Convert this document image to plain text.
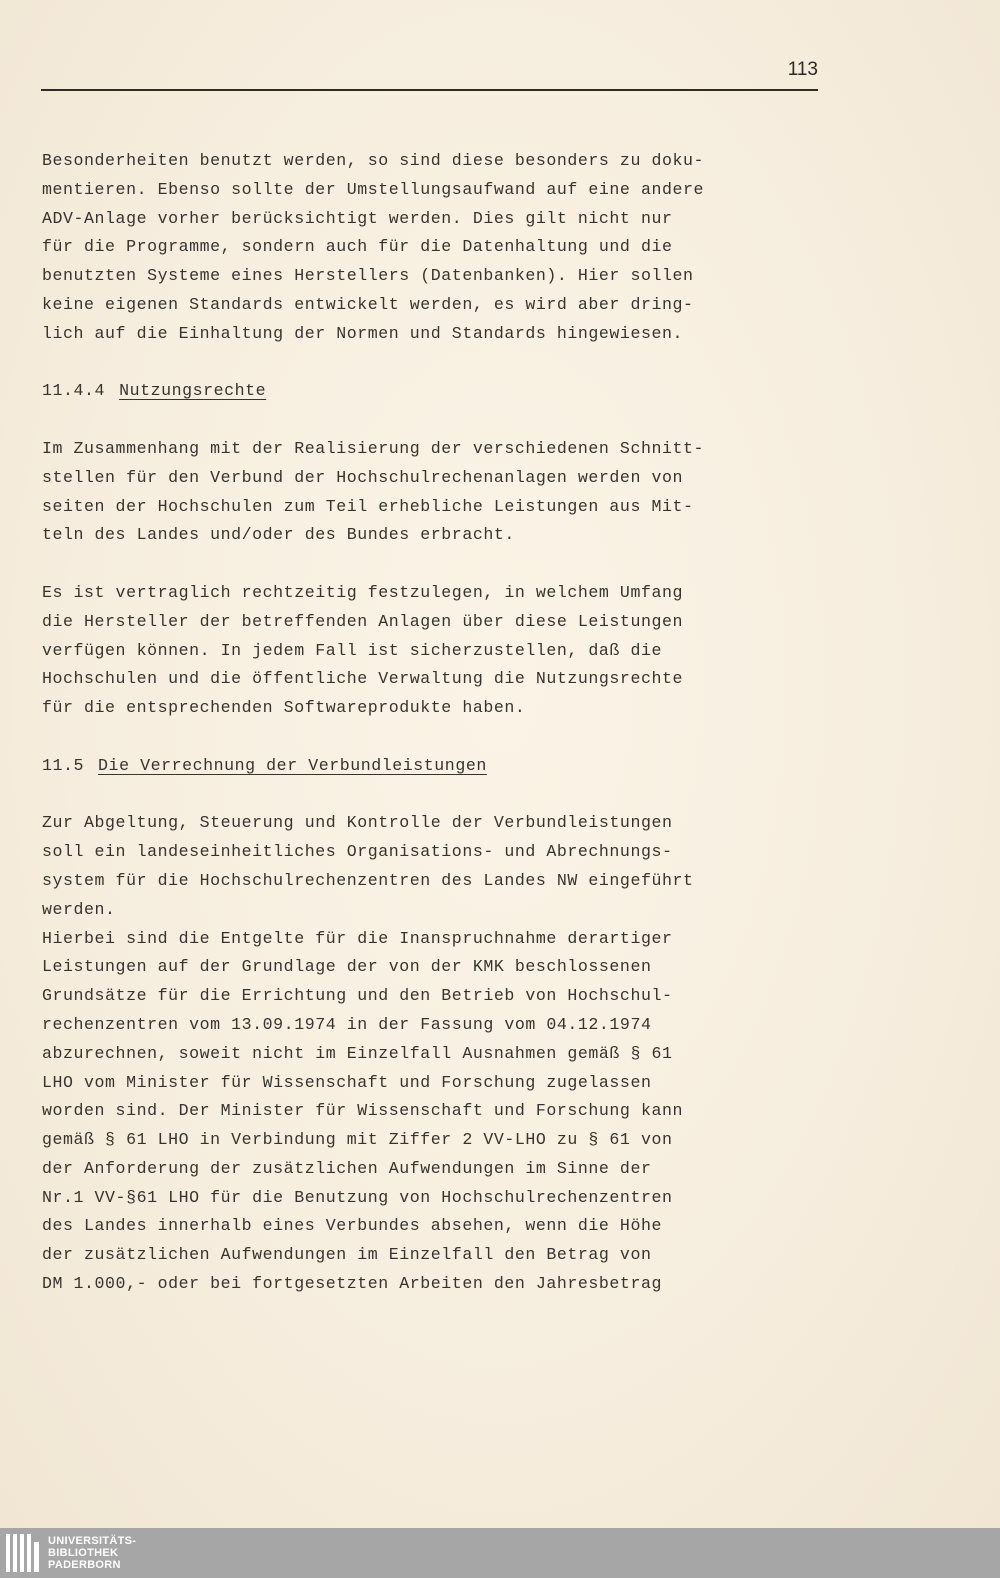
113
Besonderheiten benutzt werden, so sind diese besonders zu doku-
mentieren. Ebenso sollte der Umstellungsaufwand auf eine andere
ADV-Anlage vorher berücksichtigt werden. Dies gilt nicht nur
für die Programme, sondern auch für die Datenhaltung und die
benutzten Systeme eines Herstellers (Datenbanken). Hier sollen
keine eigenen Standards entwickelt werden, es wird aber dring-
lich auf die Einhaltung der Normen und Standards hingewiesen.
11.4.4 Nutzungsrechte
Im Zusammenhang mit der Realisierung der verschiedenen Schnitt-
stellen für den Verbund der Hochschulrechenanlagen werden von
seiten der Hochschulen zum Teil erhebliche Leistungen aus Mit-
teln des Landes und/oder des Bundes erbracht.
Es ist vertraglich rechtzeitig festzulegen, in welchem Umfang
die Hersteller der betreffenden Anlagen über diese Leistungen
verfügen können. In jedem Fall ist sicherzustellen, daß die
Hochschulen und die öffentliche Verwaltung die Nutzungsrechte
für die entsprechenden Softwareprodukte haben.
11.5 Die Verrechnung der Verbundleistungen
Zur Abgeltung, Steuerung und Kontrolle der Verbundleistungen
soll ein landeseinheitliches Organisations- und Abrechnungs-
system für die Hochschulrechenzentren des Landes NW eingeführt
werden.
Hierbei sind die Entgelte für die Inanspruchnahme derartiger
Leistungen auf der Grundlage der von der KMK beschlossenen
Grundsätze für die Errichtung und den Betrieb von Hochschul-
rechenzentren vom 13.09.1974 in der Fassung vom 04.12.1974
abzurechnen, soweit nicht im Einzelfall Ausnahmen gemäß § 61
LHO vom Minister für Wissenschaft und Forschung zugelassen
worden sind. Der Minister für Wissenschaft und Forschung kann
gemäß § 61 LHO in Verbindung mit Ziffer 2 VV-LHO zu § 61 von
der Anforderung der zusätzlichen Aufwendungen im Sinne der
Nr.1 VV-§61 LHO für die Benutzung von Hochschulrechenzentren
des Landes innerhalb eines Verbundes absehen, wenn die Höhe
der zusätzlichen Aufwendungen im Einzelfall den Betrag von
DM 1.000,- oder bei fortgesetzten Arbeiten den Jahresbetrag
UNIVERSITÄTS-
BIBLIOTHEK
PADERBORN
